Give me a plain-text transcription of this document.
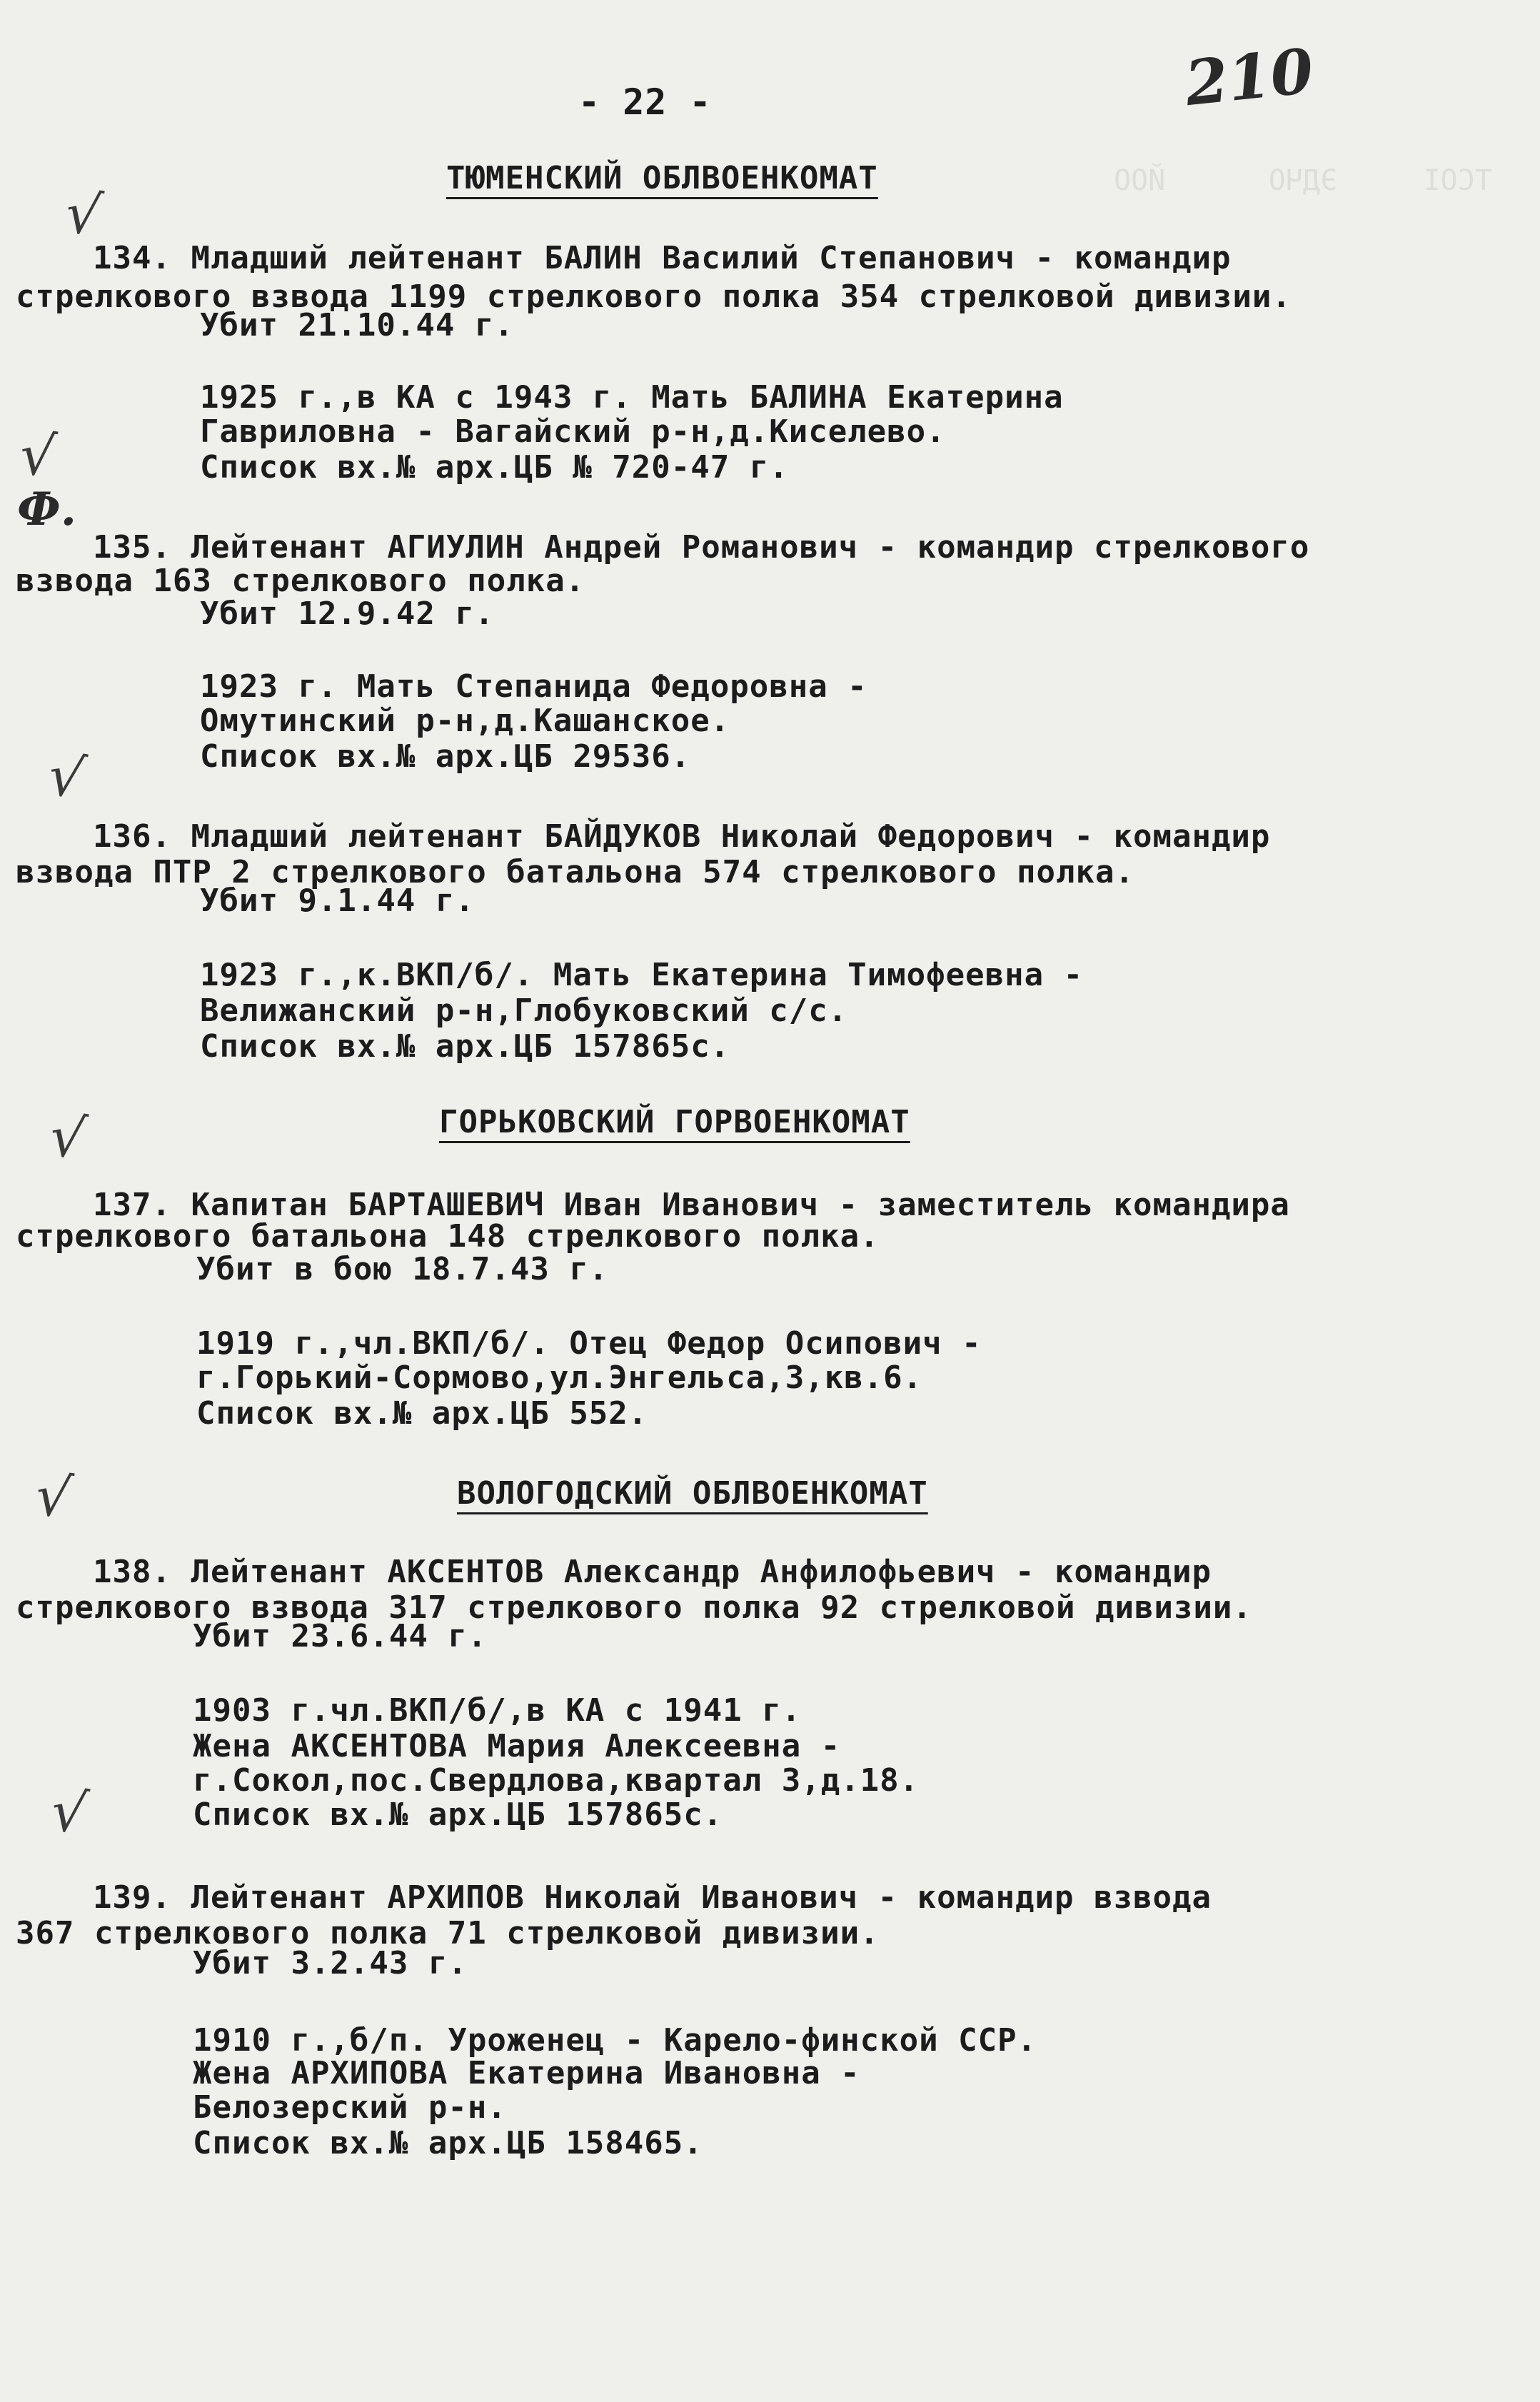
ТСОІ     ЭДЧО      ЙОО
- 22 -	210
ТЮМЕНСКИЙ ОБЛВОЕНКОМАТ
√
134. Младший лейтенант БАЛИН Василий Степанович - командир
стрелкового взвода 1199 стрелкового полка 354 стрелковой дивизии.
Убит 21.10.44 г.
1925 г.,в КА с 1943 г. Мать БАЛИНА Екатерина
Гавриловна - Вагайский р-н,д.Киселево.
Список вх.№ арх.ЦБ № 720-47 г.
√
Ф.
135. Лейтенант АГИУЛИН Андрей Романович - командир стрелкового
взвода 163 стрелкового полка.
Убит 12.9.42 г.
1923 г. Мать Степанида Федоровна -
Омутинский р-н,д.Кашанское.
Список вх.№ арх.ЦБ 29536.
√
136. Младший лейтенант БАЙДУКОВ Николай Федорович - командир
взвода ПТР 2 стрелкового батальона 574 стрелкового полка.
Убит 9.1.44 г.
1923 г.,к.ВКП/б/. Мать Екатерина Тимофеевна -
Велижанский р-н,Глобуковский с/с.
Список вх.№ арх.ЦБ 157865с.
ГОРЬКОВСКИЙ ГОРВОЕНКОМАТ
√
137. Капитан БАРТАШЕВИЧ Иван Иванович - заместитель командира
стрелкового батальона 148 стрелкового полка.
Убит в бою 18.7.43 г.
1919 г.,чл.ВКП/б/. Отец Федор Осипович -
г.Горький-Сормово,ул.Энгельса,3,кв.6.
Список вх.№ арх.ЦБ 552.
ВОЛОГОДСКИЙ ОБЛВОЕНКОМАТ
√
138. Лейтенант АКСЕНТОВ Александр Анфилофьевич - командир
стрелкового взвода 317 стрелкового полка 92 стрелковой дивизии.
Убит 23.6.44 г.
1903 г.чл.ВКП/б/,в КА с 1941 г.
Жена АКСЕНТОВА Мария Алексеевна -
г.Сокол,пос.Свердлова,квартал 3,д.18.
√	Список вх.№ арх.ЦБ 157865с.
139. Лейтенант АРХИПОВ Николай Иванович - командир взвода
367 стрелкового полка 71 стрелковой дивизии.
Убит 3.2.43 г.
1910 г.,б/п. Уроженец - Карело-финской ССР.
Жена АРХИПОВА Екатерина Ивановна -
Белозерский р-н.
Список вх.№ арх.ЦБ 158465.
